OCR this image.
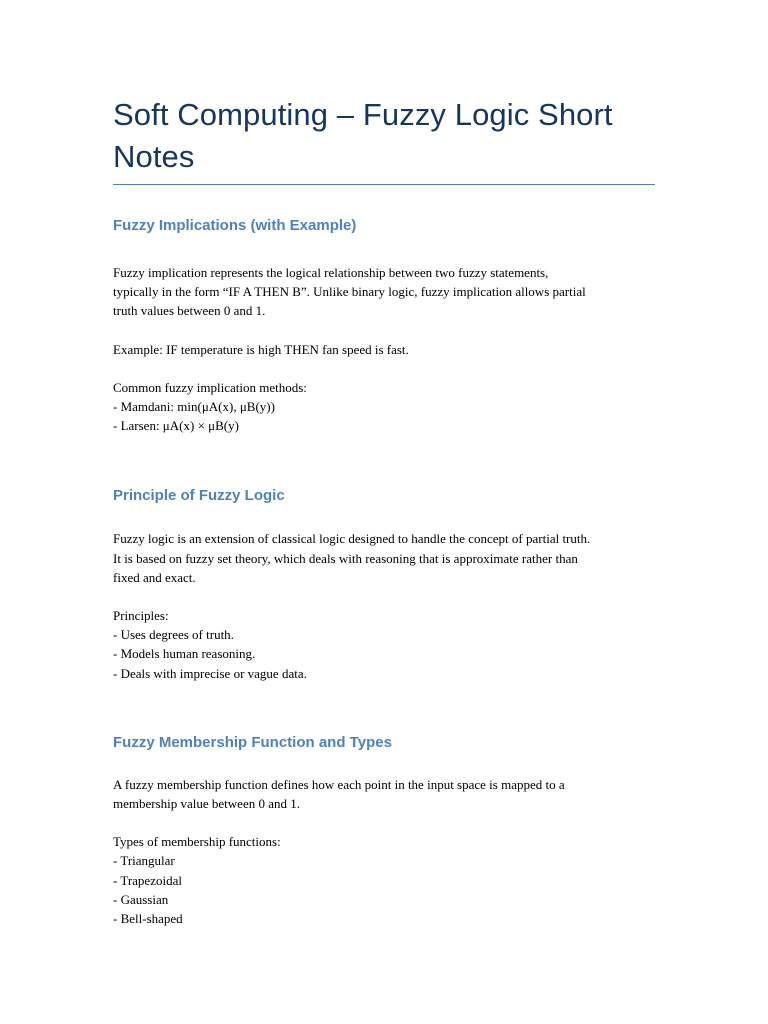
Soft Computing – Fuzzy Logic Short
Notes
Fuzzy Implications (with Example)

Fuzzy implication represents the logical relationship between two fuzzy statements,
typically in the form “IF A THEN B”. Unlike binary logic, fuzzy implication allows partial
truth values between 0 and 1.

Example: IF temperature is high THEN fan speed is fast.

Common fuzzy implication methods:
- Mamdani: min(μA(x), μB(y))
- Larsen: μA(x) × μB(y)

Principle of Fuzzy Logic

Fuzzy logic is an extension of classical logic designed to handle the concept of partial truth.
It is based on fuzzy set theory, which deals with reasoning that is approximate rather than
fixed and exact.

Principles:
- Uses degrees of truth.
- Models human reasoning.
- Deals with imprecise or vague data.

Fuzzy Membership Function and Types

A fuzzy membership function defines how each point in the input space is mapped to a
membership value between 0 and 1.

Types of membership functions:
- Triangular
- Trapezoidal
- Gaussian
- Bell-shaped
